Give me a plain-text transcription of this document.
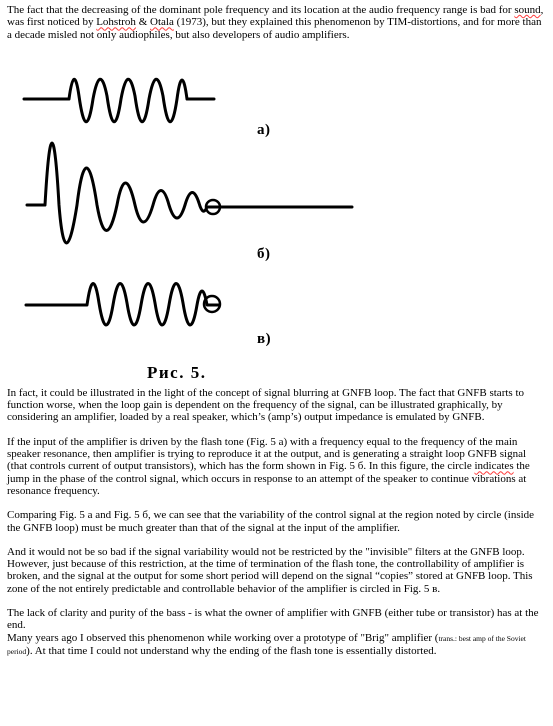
The fact that the decreasing of the dominant pole frequency and its location at the audio frequency range is bad for sound, was first noticed by Lohstroh & Otala (1973), but they explained this phenomenon by TIM-distortions, and for more than a decade misled not only audiophiles, but also developers of audio amplifiers.

а)
б)
в)
Рис. 5.

In fact, it could be illustrated in the light of the concept of signal blurring at GNFB loop. The fact that GNFB starts to function worse, when the loop gain is dependent on the frequency of the signal, can be illustrated graphically, by considering an amplifier, loaded by a real speaker, which’s (amp’s) output impedance is emulated by GNFB.

If the input of the amplifier is driven by the flash tone (Fig. 5 a) with a frequency equal to the frequency of the main speaker resonance, then amplifier is trying to reproduce it at the output, and is generating a straight loop GNFB signal (that controls current of output transistors), which has the form shown in Fig. 5 б. In this figure, the circle indicates the jump in the phase of the control signal, which occurs in response to an attempt of the speaker to continue vibrations at resonance frequency.

Comparing Fig. 5 a and Fig. 5 б, we can see that the variability of the control signal at the region noted by circle (inside the GNFB loop) must be much greater than that of the signal at the input of the amplifier.

And it would not be so bad if the signal variability would not be restricted by the "invisible" filters at the GNFB loop. However, just because of this restriction, at the time of termination of the flash tone, the controllability of amplifier is broken, and the signal at the output for some short period will depend on the signal “copies” stored at GNFB loop. This zone of the not entirely predictable and controllable behavior of the amplifier is circled in Fig. 5 в.

The lack of clarity and purity of the bass - is what the owner of amplifier with GNFB (either tube or transistor) has at the end.

Many years ago I observed this phenomenon while working over a prototype of "Brig" amplifier (trans.: best amp of the Soviet period). At that time I could not understand why the ending of the flash tone is essentially distorted.
